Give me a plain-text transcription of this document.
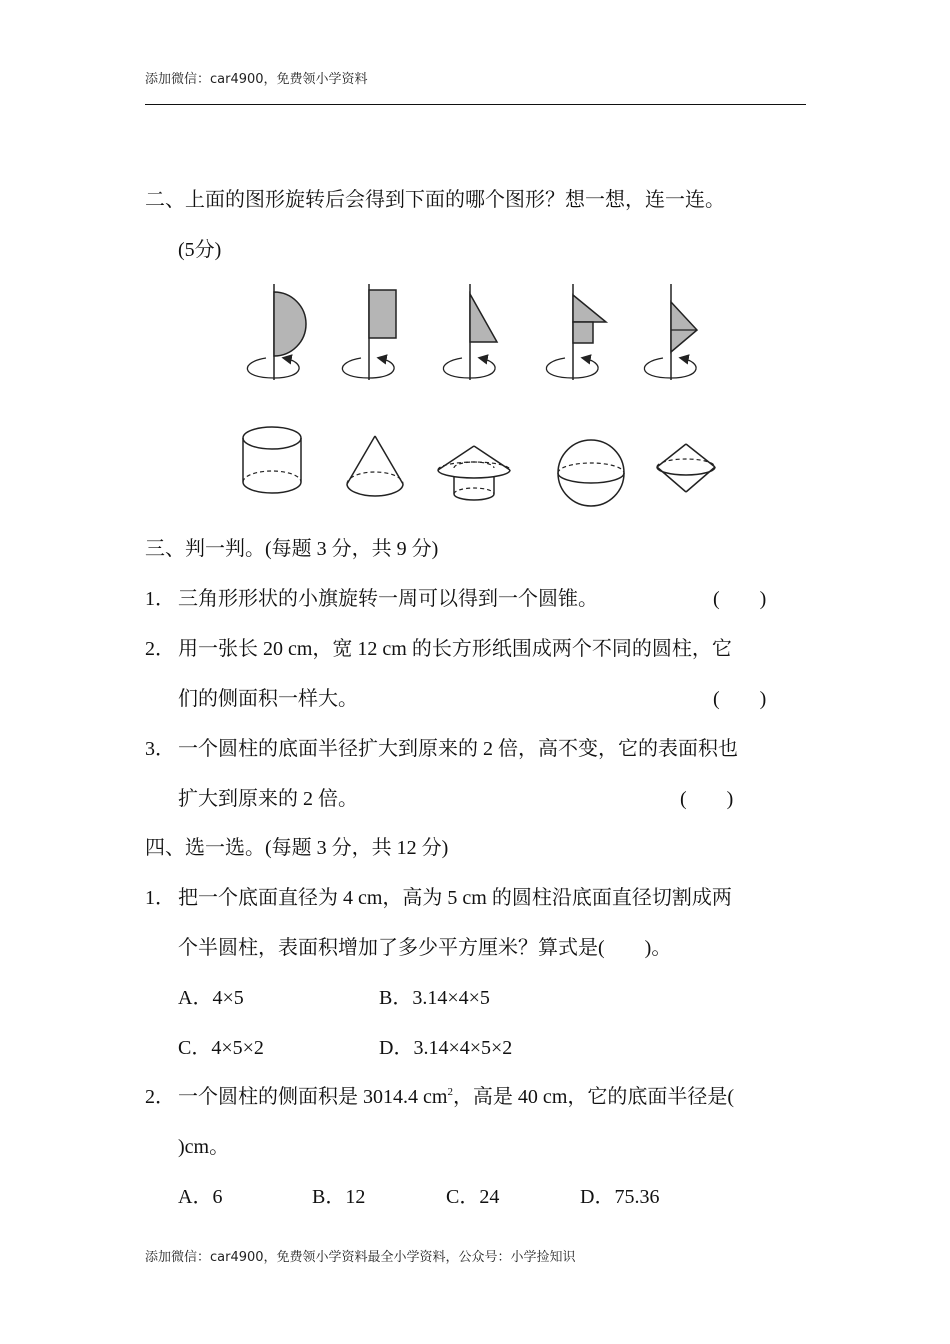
添加微信：car4900，免费领小学资料
二、上面的图形旋转后会得到下面的哪个图形？想一想，连一连。
(5分)
三、判一判。(每题 3 分，共 9 分)
1． 三角形形状的小旗旋转一周可以得到一个圆锥。	(　　)
2． 用一张长 20 cm，宽 12 cm 的长方形纸围成两个不同的圆柱，它
们的侧面积一样大。	(　　)
3． 一个圆柱的底面半径扩大到原来的 2 倍，高不变，它的表面积也
扩大到原来的 2 倍。	(　　)
四、选一选。(每题 3 分，共 12 分)
1． 把一个底面直径为 4 cm，高为 5 cm 的圆柱沿底面直径切割成两
个半圆柱，表面积增加了多少平方厘米？算式是(　　)。
A．4×5	B．3.14×4×5
C．4×5×2	D．3.14×4×5×2
2． 一个圆柱的侧面积是 3014.4 $cm^2$，高是 40 cm，它的底面半径是(
)cm。
A．6	B．12	C．24	D．75.36
添加微信：car4900，免费领小学资料最全小学资料，公众号：小学捡知识
